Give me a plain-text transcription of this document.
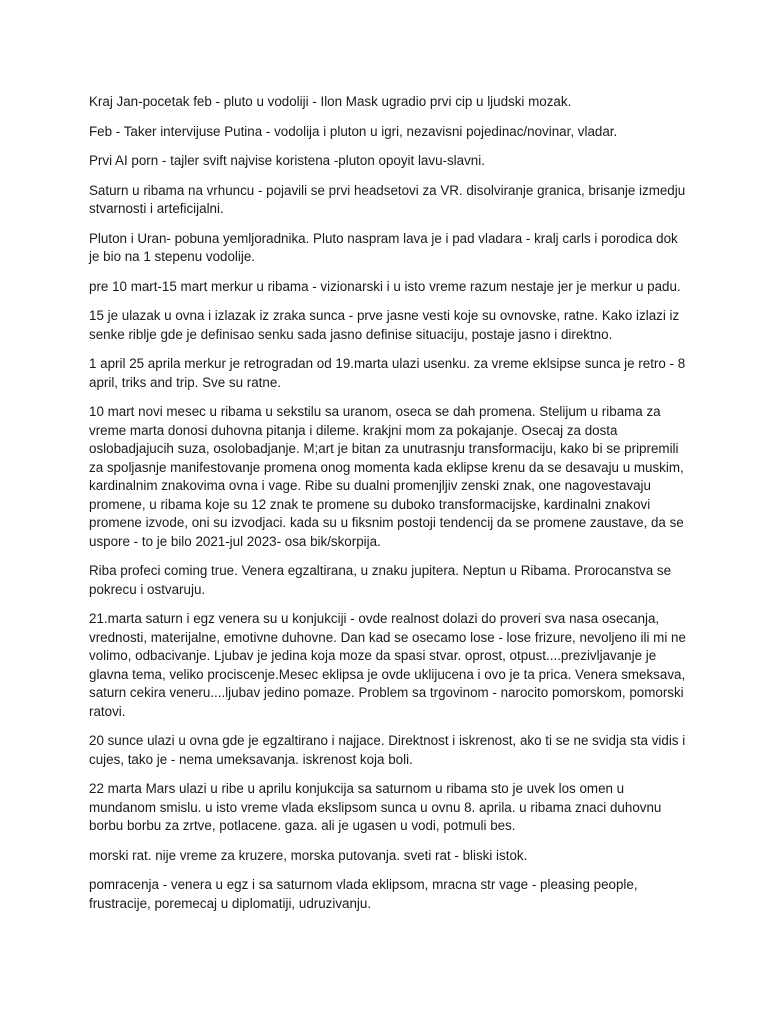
Kraj Jan-pocetak feb - pluto u vodoliji - Ilon Mask ugradio prvi cip u ljudski mozak.

Feb - Taker intervijuse Putina - vodolija i pluton u igri, nezavisni pojedinac/novinar, vladar.

Prvi AI porn - tajler svift najvise koristena -pluton opoyit lavu-slavni.

Saturn u ribama na vrhuncu - pojavili se prvi headsetovi za VR. disolviranje granica, brisanje izmedju stvarnosti i arteficijalni.

Pluton i Uran- pobuna yemljoradnika. Pluto naspram lava je i pad vladara - kralj carls i porodica dok je bio na 1 stepenu vodolije.

pre 10 mart-15 mart merkur u ribama - vizionarski i u isto vreme razum nestaje jer je merkur u padu.

15 je ulazak u ovna i izlazak iz zraka sunca - prve jasne vesti koje su ovnovske, ratne. Kako izlazi iz senke riblje gde je definisao senku sada jasno definise situaciju, postaje jasno i direktno.

1 april 25 aprila merkur je retrogradan od 19.marta ulazi usenku. za vreme eklsipse sunca je retro - 8 april, triks and trip. Sve su ratne.

10 mart novi mesec u ribama u sekstilu sa uranom, oseca se dah promena. Stelijum u ribama za vreme marta donosi duhovna pitanja i dileme. krakjni mom za pokajanje. Osecaj za dosta oslobadjajucih suza, osolobadjanje. M;art je bitan za unutrasnju transformaciju, kako bi se pripremili za spoljasnje manifestovanje promena onog momenta kada eklipse krenu da se desavaju u muskim, kardinalnim znakovima ovna i vage. Ribe su dualni promenjljiv zenski znak, one nagovestavaju promene, u ribama koje su 12 znak te promene su duboko transformacijske, kardinalni znakovi promene izvode, oni su izvodjaci. kada su u fiksnim postoji tendencij da se promene zaustave, da se uspore - to je bilo 2021-jul 2023- osa bik/skorpija.

Riba profeci coming true. Venera egzaltirana, u znaku jupitera. Neptun u Ribama. Prorocanstva se pokrecu i ostvaruju.

21.marta saturn i egz venera su u konjukciji - ovde realnost dolazi do proveri sva nasa osecanja, vrednosti, materijalne, emotivne duhovne. Dan kad se osecamo lose - lose frizure, nevoljeno ili mi ne volimo, odbacivanje. Ljubav je jedina koja moze da spasi stvar. oprost, otpust....prezivljavanje je glavna tema, veliko prociscenje.Mesec eklipsa je ovde uklijucena i ovo je ta prica. Venera smeksava, saturn cekira veneru....ljubav jedino pomaze. Problem sa trgovinom - narocito pomorskom, pomorski ratovi.

20 sunce ulazi u ovna gde je egzaltirano i najjace. Direktnost i iskrenost, ako ti se ne svidja sta vidis i cujes, tako je - nema umeksavanja. iskrenost koja boli.

22 marta Mars ulazi u ribe u aprilu konjukcija sa saturnom u ribama sto je uvek los omen u mundanom smislu. u isto vreme vlada ekslipsom sunca u ovnu 8. aprila. u ribama znaci duhovnu borbu borbu za zrtve, potlacene. gaza. ali je ugasen u vodi, potmuli bes.

morski rat. nije vreme za kruzere, morska putovanja. sveti rat - bliski istok.

pomracenja - venera u egz i sa saturnom vlada eklipsom, mracna str vage - pleasing people, frustracije, poremecaj u diplomatiji, udruzivanju.
